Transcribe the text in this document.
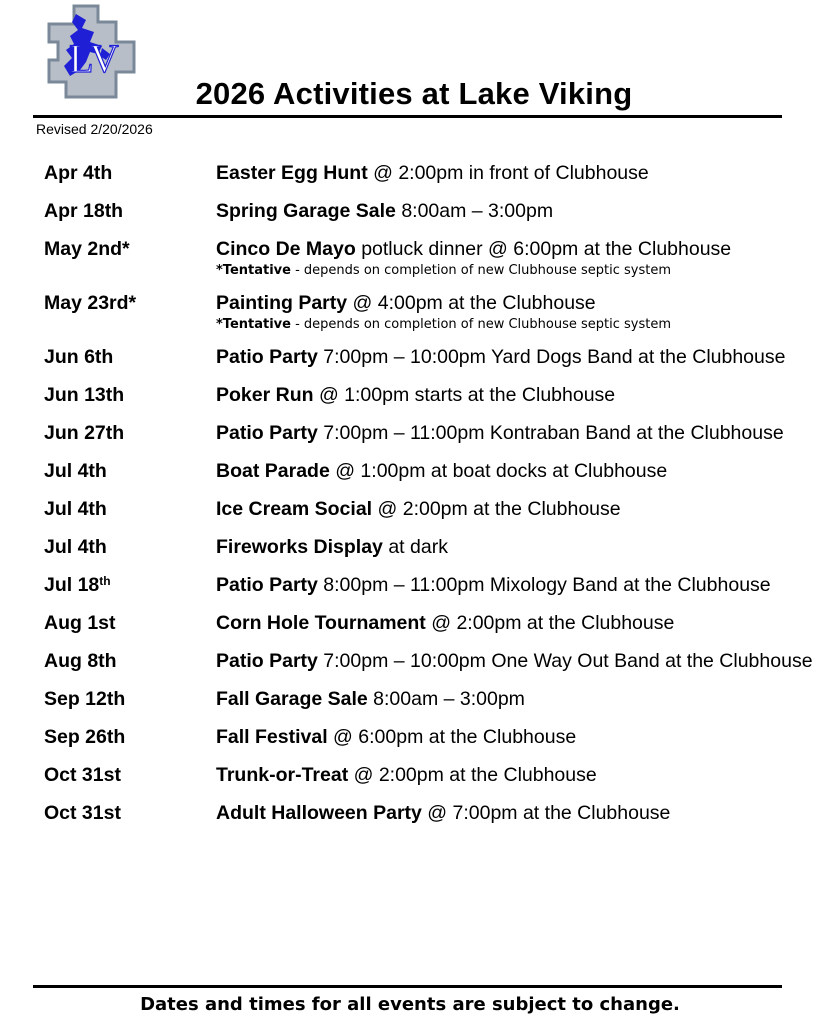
LV
2026 Activities at Lake Viking
Revised 2/20/2026
Apr 4th	Easter Egg Hunt @ 2:00pm in front of Clubhouse
Apr 18th	Spring Garage Sale 8:00am – 3:00pm
May 2nd*	Cinco De Mayo potluck dinner @ 6:00pm at the Clubhouse
*Tentative - depends on completion of new Clubhouse septic system
May 23rd*	Painting Party @ 4:00pm at the Clubhouse
*Tentative - depends on completion of new Clubhouse septic system
Jun 6th	Patio Party 7:00pm – 10:00pm Yard Dogs Band at the Clubhouse
Jun 13th	Poker Run @ 1:00pm starts at the Clubhouse
Jun 27th	Patio Party 7:00pm – 11:00pm Kontraban Band at the Clubhouse
Jul 4th	Boat Parade @ 1:00pm at boat docks at Clubhouse
Jul 4th	Ice Cream Social @ 2:00pm at the Clubhouse
Jul 4th	Fireworks Display at dark
Jul 18th	Patio Party 8:00pm – 11:00pm Mixology Band at the Clubhouse
Aug 1st	Corn Hole Tournament @ 2:00pm at the Clubhouse
Aug 8th	Patio Party 7:00pm – 10:00pm One Way Out Band at the Clubhouse
Sep 12th	Fall Garage Sale 8:00am – 3:00pm
Sep 26th	Fall Festival @ 6:00pm at the Clubhouse
Oct 31st	Trunk-or-Treat @ 2:00pm at the Clubhouse
Oct 31st	Adult Halloween Party @ 7:00pm at the Clubhouse
Dates and times for all events are subject to change.
